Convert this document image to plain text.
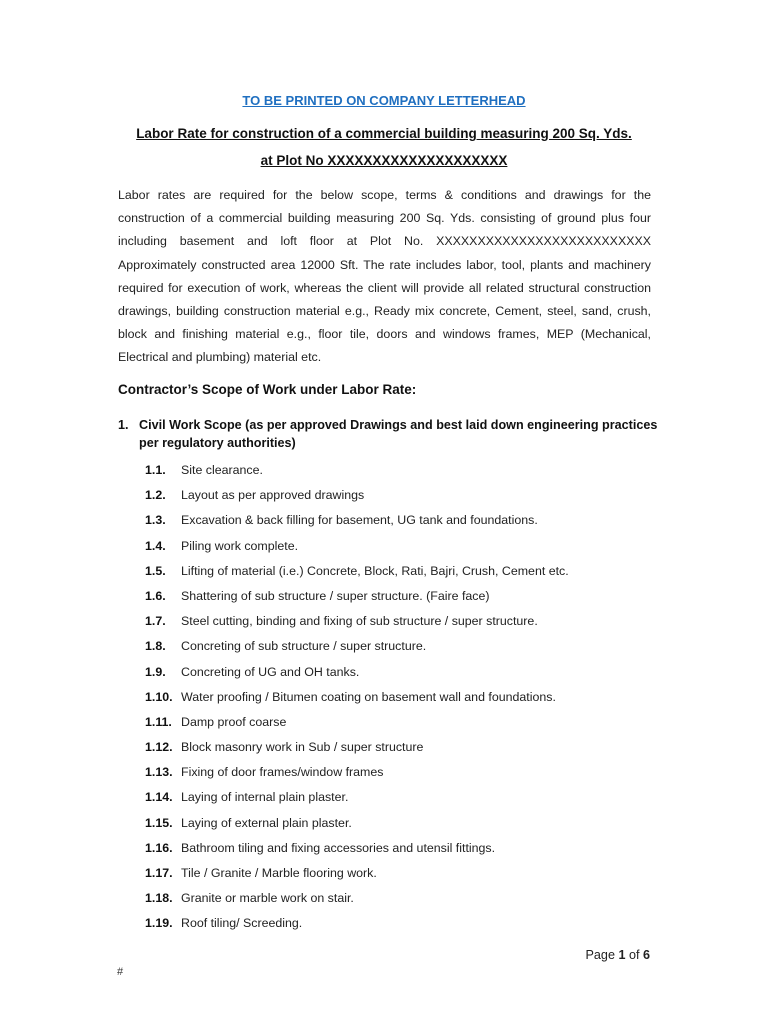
TO BE PRINTED ON COMPANY LETTERHEAD
Labor Rate for construction of a commercial building measuring 200 Sq. Yds.
at Plot No XXXXXXXXXXXXXXXXXXXX

Labor rates are required for the below scope, terms & conditions and drawings for the construction of a commercial building measuring 200 Sq. Yds. consisting of ground plus four including basement and loft floor at Plot No. XXXXXXXXXXXXXXXXXXXXXXXXXX Approximately constructed area 12000 Sft. The rate includes labor, tool, plants and machinery required for execution of work, whereas the client will provide all related structural construction drawings, building construction material e.g., Ready mix concrete, Cement, steel, sand, crush, block and finishing material e.g., floor tile, doors and windows frames, MEP (Mechanical, Electrical and plumbing) material etc.

Contractor’s Scope of Work under Labor Rate:
1. Civil Work Scope (as per approved Drawings and best laid down engineering practices per regulatory authorities)
1.1. Site clearance.
1.2. Layout as per approved drawings
1.3. Excavation & back filling for basement, UG tank and foundations.
1.4. Piling work complete.
1.5. Lifting of material (i.e.) Concrete, Block, Rati, Bajri, Crush, Cement etc.
1.6. Shattering of sub structure / super structure. (Faire face)
1.7. Steel cutting, binding and fixing of sub structure / super structure.
1.8. Concreting of sub structure / super structure.
1.9. Concreting of UG and OH tanks.
1.10. Water proofing / Bitumen coating on basement wall and foundations.
1.11. Damp proof coarse
1.12. Block masonry work in Sub / super structure
1.13. Fixing of door frames/window frames
1.14. Laying of internal plain plaster.
1.15. Laying of external plain plaster.
1.16. Bathroom tiling and fixing accessories and utensil fittings.
1.17. Tile / Granite / Marble flooring work.
1.18. Granite or marble work on stair.
1.19. Roof tiling/ Screeding.
Page 1 of 6
#
